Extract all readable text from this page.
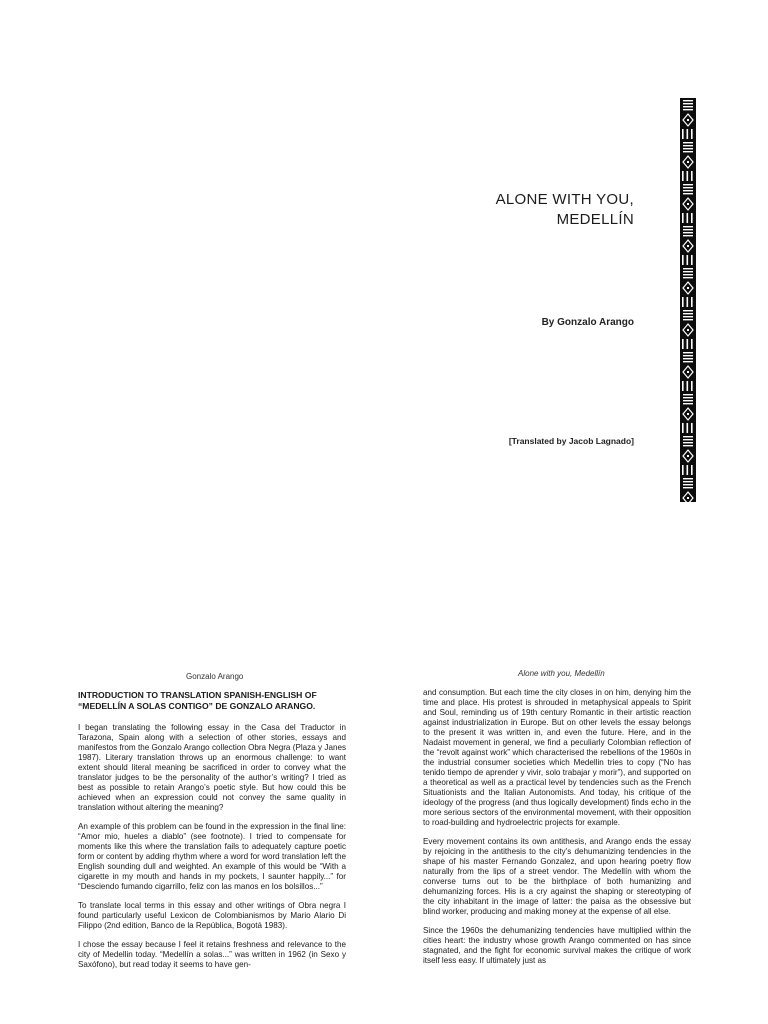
ALONE WITH YOU,
MEDELLÍN
By Gonzalo Arango
[Translated by Jacob Lagnado]
Gonzalo Arango	Alone with you, Medellín
INTRODUCTION TO TRANSLATION SPANISH-ENGLISH OF “MEDELLÍN A SOLAS CONTIGO” DE GONZALO ARANGO.

I began translating the following essay in the Casa del Traductor in Tarazona, Spain along with a selection of other stories, essays and manifestos from the Gonzalo Arango collection Obra Negra (Plaza y Janes 1987). Literary translation throws up an enormous challenge: to want extent should literal meaning be sacrificed in order to convey what the translator judges to be the personality of the author’s writing? I tried as best as possible to retain Arango’s poetic style. But how could this be achieved when an expression could not convey the same quality in translation without altering the meaning?

An example of this problem can be found in the expression in the final line: “Amor mio, hueles a diablo” (see footnote). I tried to compensate for moments like this where the translation fails to adequately capture poetic form or content by adding rhythm where a word for word translation left the English sounding dull and weighted. An example of this would be “With a cigarette in my mouth and hands in my pockets, I saunter happily...” for “Desciendo fumando cigarrillo, feliz con las manos en los bolsillos...”

To translate local terms in this essay and other writings of Obra negra I found particularly useful Lexicon de Colombianismos by Mario Alario Di Filippo (2nd edition, Banco de la República, Bogotá 1983).

I chose the essay because I feel it retains freshness and relevance to the city of Medellin today. “Medellín a solas...” was written in 1962 (in Sexo y Saxófono), but read today it seems to have gen-

and consumption. But each time the city closes in on him, denying him the time and place. His protest is shrouded in metaphysical appeals to Spirit and Soul, reminding us of 19th century Romantic in their artistic reaction against industrialization in Europe. But on other levels the essay belongs to the present it was written in, and even the future. Here, and in the Nadaist movement in general, we find a peculiarly Colombian reflection of the “revolt against work” which characterised the rebellions of the 1960s in the industrial consumer societies which Medellin tries to copy (“No has tenido tiempo de aprender y vivir, solo trabajar y morir”), and supported on a theoretical as well as a practical level by tendencies such as the French Situationists and the Italian Autonomists. And today, his critique of the ideology of the progress (and thus logically development) finds echo in the more serious sectors of the environmental movement, with their opposition to road-building and hydroelectric projects for example.

Every movement contains its own antithesis, and Arango ends the essay by rejoicing in the antithesis to the city’s dehumanizing tendencies in the shape of his master Fernando Gonzalez, and upon hearing poetry flow naturally from the lips of a street vendor. The Medellín with whom the converse turns out to be the birthplace of both humanizing and dehumanizing forces. His is a cry against the shaping or stereotyping of the city inhabitant in the image of latter: the paisa as the obsessive but blind worker, producing and making money at the expense of all else.

Since the 1960s the dehumanizing tendencies have multiplied within the cities heart: the industry whose growth Arango commented on has since stagnated, and the fight for economic survival makes the critique of work itself less easy. If ultimately just as
